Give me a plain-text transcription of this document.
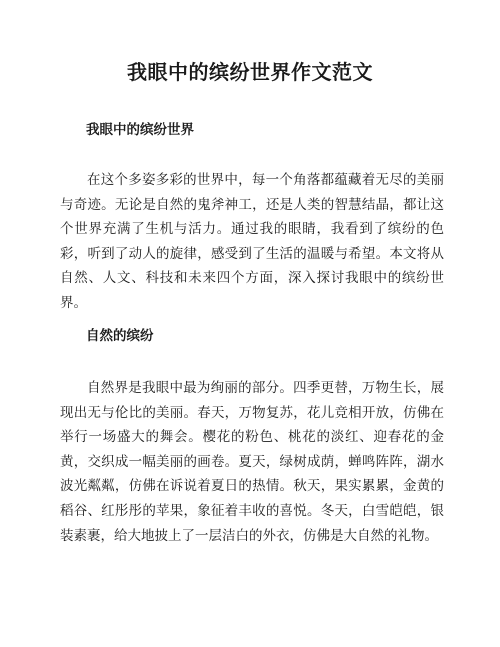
我眼中的缤纷世界作文范文
我眼中的缤纷世界

在这个多姿多彩的世界中，每一个角落都蕴藏着无尽的美丽与奇迹。无论是自然的鬼斧神工，还是人类的智慧结晶，都让这个世界充满了生机与活力。通过我的眼睛，我看到了缤纷的色彩，听到了动人的旋律，感受到了生活的温暖与希望。本文将从自然、人文、科技和未来四个方面，深入探讨我眼中的缤纷世界。

自然的缤纷

自然界是我眼中最为绚丽的部分。四季更替，万物生长，展现出无与伦比的美丽。春天，万物复苏，花儿竞相开放，仿佛在举行一场盛大的舞会。樱花的粉色、桃花的淡红、迎春花的金黄，交织成一幅美丽的画卷。夏天，绿树成荫，蝉鸣阵阵，湖水波光粼粼，仿佛在诉说着夏日的热情。秋天，果实累累，金黄的稻谷、红彤彤的苹果，象征着丰收的喜悦。冬天，白雪皑皑，银装素裹，给大地披上了一层洁白的外衣，仿佛是大自然的礼物。
